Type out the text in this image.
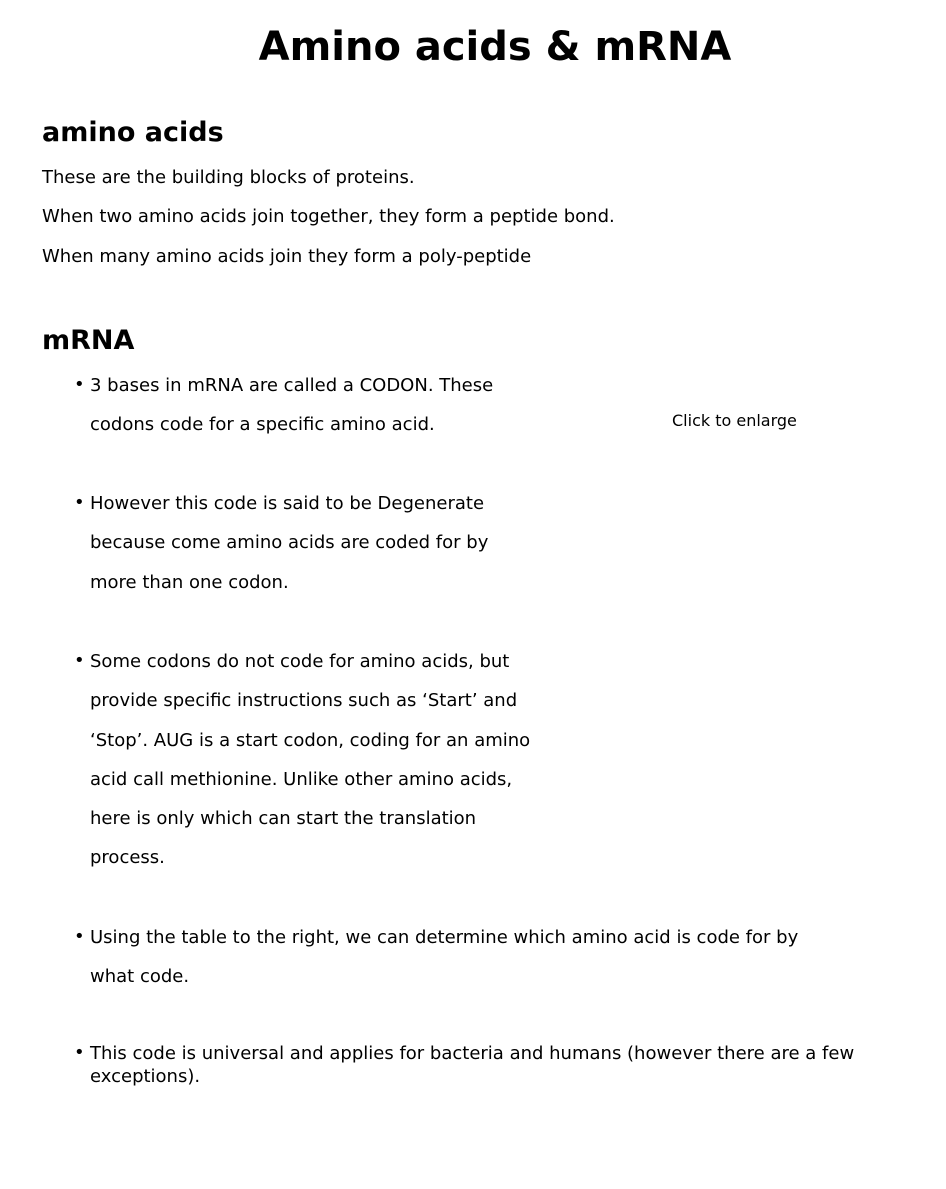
Amino acids & mRNA
amino acids

These are the building blocks of proteins.

When two amino acids join together, they form a peptide bond.

When many amino acids join they form a poly-peptide

mRNA
• 3 bases in mRNA are called a CODON. These
codons code for a specific amino acid.
• However this code is said to be Degenerate
because come amino acids are coded for by
more than one codon.
• Some codons do not code for amino acids, but
provide specific instructions such as ‘Start’ and
‘Stop’. AUG is a start codon, coding for an amino
acid call methionine. Unlike other amino acids,
here is only which can start the translation
process.
• Using the table to the right, we can determine which amino acid is code for by
what code.
• This code is universal and applies for bacteria and humans (however there are a few
exceptions).
Click to enlarge
